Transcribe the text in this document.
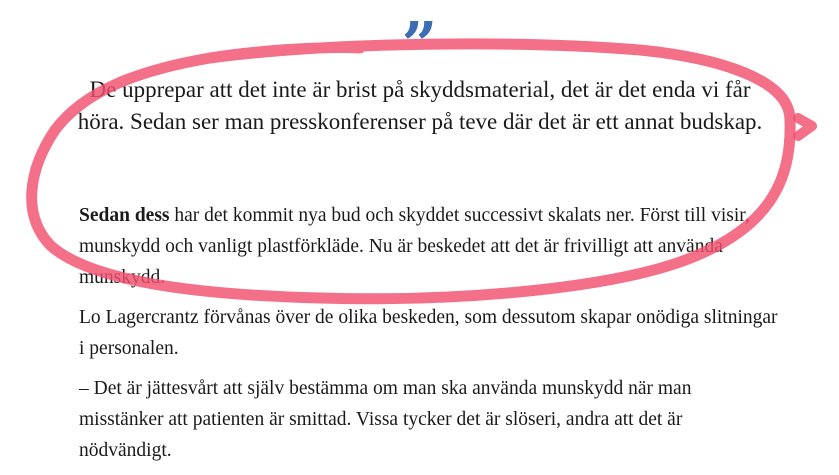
”
De upprepar att det inte är brist på skyddsmaterial, det är det enda vi får höra. Sedan ser man presskonferenser på teve där det är ett annat budskap.

Sedan dess har det kommit nya bud och skyddet successivt skalats ner. Först till visir, munskydd och vanligt plastförkläde. Nu är beskedet att det är frivilligt att använda munskydd.

Lo Lagercrantz förvånas över de olika beskeden, som dessutom skapar onödiga slitningar i personalen.

– Det är jättesvårt att själv bestämma om man ska använda munskydd när man misstänker att patienten är smittad. Vissa tycker det är slöseri, andra att det är nödvändigt.
